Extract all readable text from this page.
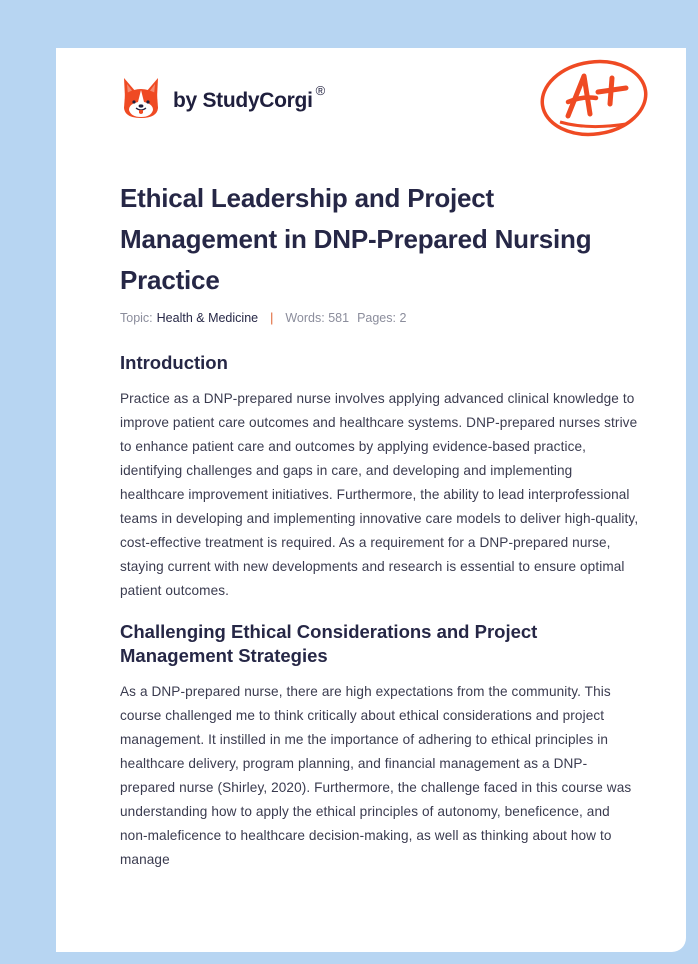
by StudyCorgi ®
Ethical Leadership and Project Management in DNP-Prepared Nursing Practice
Topic: Health & Medicine | Words: 581 Pages: 2
Introduction

Practice as a DNP-prepared nurse involves applying advanced clinical knowledge to improve patient care outcomes and healthcare systems. DNP-prepared nurses strive to enhance patient care and outcomes by applying evidence-based practice, identifying challenges and gaps in care, and developing and implementing healthcare improvement initiatives. Furthermore, the ability to lead interprofessional teams in developing and implementing innovative care models to deliver high-quality, cost-effective treatment is required. As a requirement for a DNP-prepared nurse, staying current with new developments and research is essential to ensure optimal patient outcomes.

Challenging Ethical Considerations and Project Management Strategies

As a DNP-prepared nurse, there are high expectations from the community. This course challenged me to think critically about ethical considerations and project management. It instilled in me the importance of adhering to ethical principles in healthcare delivery, program planning, and financial management as a DNP-prepared nurse (Shirley, 2020). Furthermore, the challenge faced in this course was understanding how to apply the ethical principles of autonomy, beneficence, and non-maleficence to healthcare decision-making, as well as thinking about how to manage
